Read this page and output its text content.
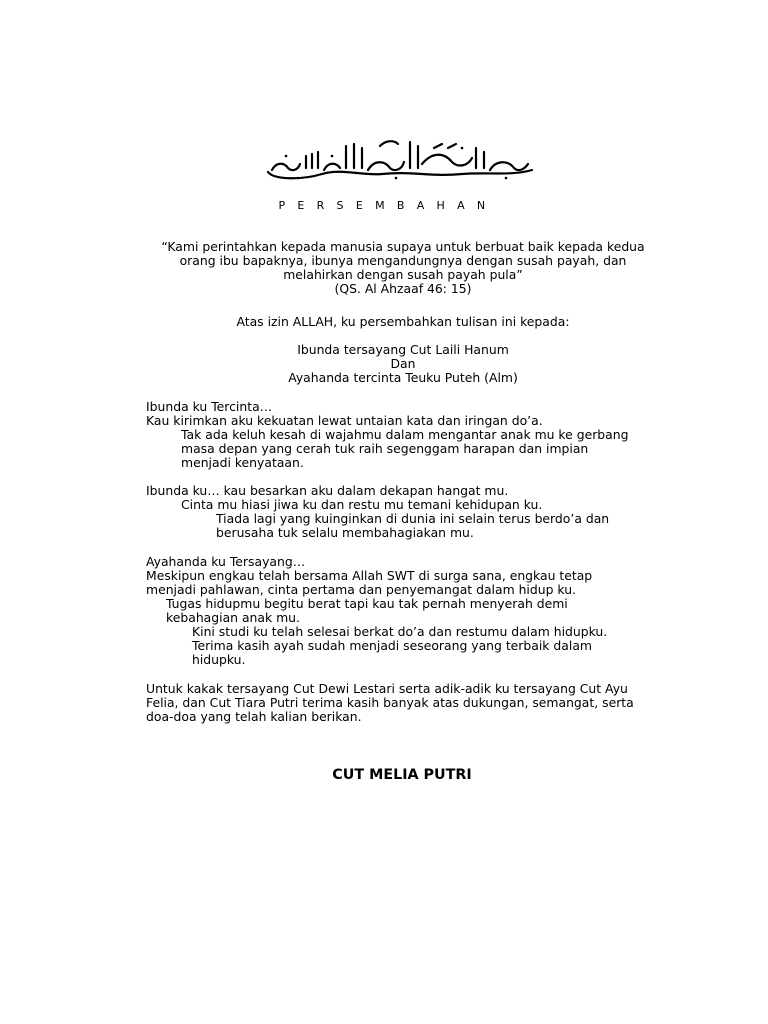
P E R S E M B A H A N
“Kami perintahkan kepada manusia supaya untuk berbuat baik kepada kedua
orang ibu bapaknya, ibunya mengandungnya dengan susah payah, dan
melahirkan dengan susah payah pula”
(QS. Al Ahzaaf 46: 15)
Atas izin ALLAH, ku persembahkan tulisan ini kepada:
Ibunda tersayang Cut Laili Hanum
Dan
Ayahanda tercinta Teuku Puteh (Alm)
Ibunda ku Tercinta…
Kau kirimkan aku kekuatan lewat untaian kata dan iringan do’a.
Tak ada keluh kesah di wajahmu dalam mengantar anak mu ke gerbang
masa depan yang cerah tuk raih segenggam harapan dan impian
menjadi kenyataan.
Ibunda ku… kau besarkan aku dalam dekapan hangat mu.
Cinta mu hiasi jiwa ku dan restu mu temani kehidupan ku.
Tiada lagi yang kuinginkan di dunia ini selain terus berdo’a dan
berusaha tuk selalu membahagiakan mu.
Ayahanda ku Tersayang…
Meskipun engkau telah bersama Allah SWT di surga sana, engkau tetap
menjadi pahlawan, cinta pertama dan penyemangat dalam hidup ku.
Tugas hidupmu begitu berat tapi kau tak pernah menyerah demi
kebahagian anak mu.
Kini studi ku telah selesai berkat do’a dan restumu dalam hidupku.
Terima kasih ayah sudah menjadi seseorang yang terbaik dalam
hidupku.
Untuk kakak tersayang Cut Dewi Lestari serta adik-adik ku tersayang Cut Ayu
Felia, dan Cut Tiara Putri terima kasih banyak atas dukungan, semangat, serta
doa-doa yang telah kalian berikan.
CUT MELIA PUTRI
